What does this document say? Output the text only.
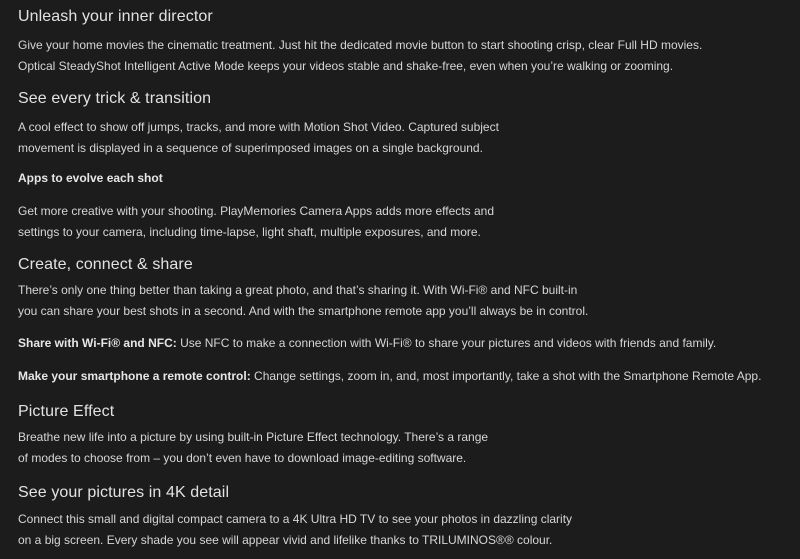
Unleash your inner director
Give your home movies the cinematic treatment. Just hit the dedicated movie button to start shooting crisp, clear Full HD movies.
Optical SteadyShot Intelligent Active Mode keeps your videos stable and shake-free, even when you’re walking or zooming.
See every trick & transition
A cool effect to show off jumps, tracks, and more with Motion Shot Video. Captured subject
movement is displayed in a sequence of superimposed images on a single background.
Apps to evolve each shot
Get more creative with your shooting. PlayMemories Camera Apps adds more effects and
settings to your camera, including time-lapse, light shaft, multiple exposures, and more.
Create, connect & share
There’s only one thing better than taking a great photo, and that’s sharing it. With Wi-Fi® and NFC built-in
you can share your best shots in a second. And with the smartphone remote app you’ll always be in control.
Share with Wi-Fi® and NFC: Use NFC to make a connection with Wi-Fi® to share your pictures and videos with friends and family.
Make your smartphone a remote control: Change settings, zoom in, and, most importantly, take a shot with the Smartphone Remote App.
Picture Effect
Breathe new life into a picture by using built-in Picture Effect technology. There’s a range
of modes to choose from – you don’t even have to download image-editing software.
See your pictures in 4K detail
Connect this small and digital compact camera to a 4K Ultra HD TV to see your photos in dazzling clarity
on a big screen. Every shade you see will appear vivid and lifelike thanks to TRILUMINOS®® colour.
